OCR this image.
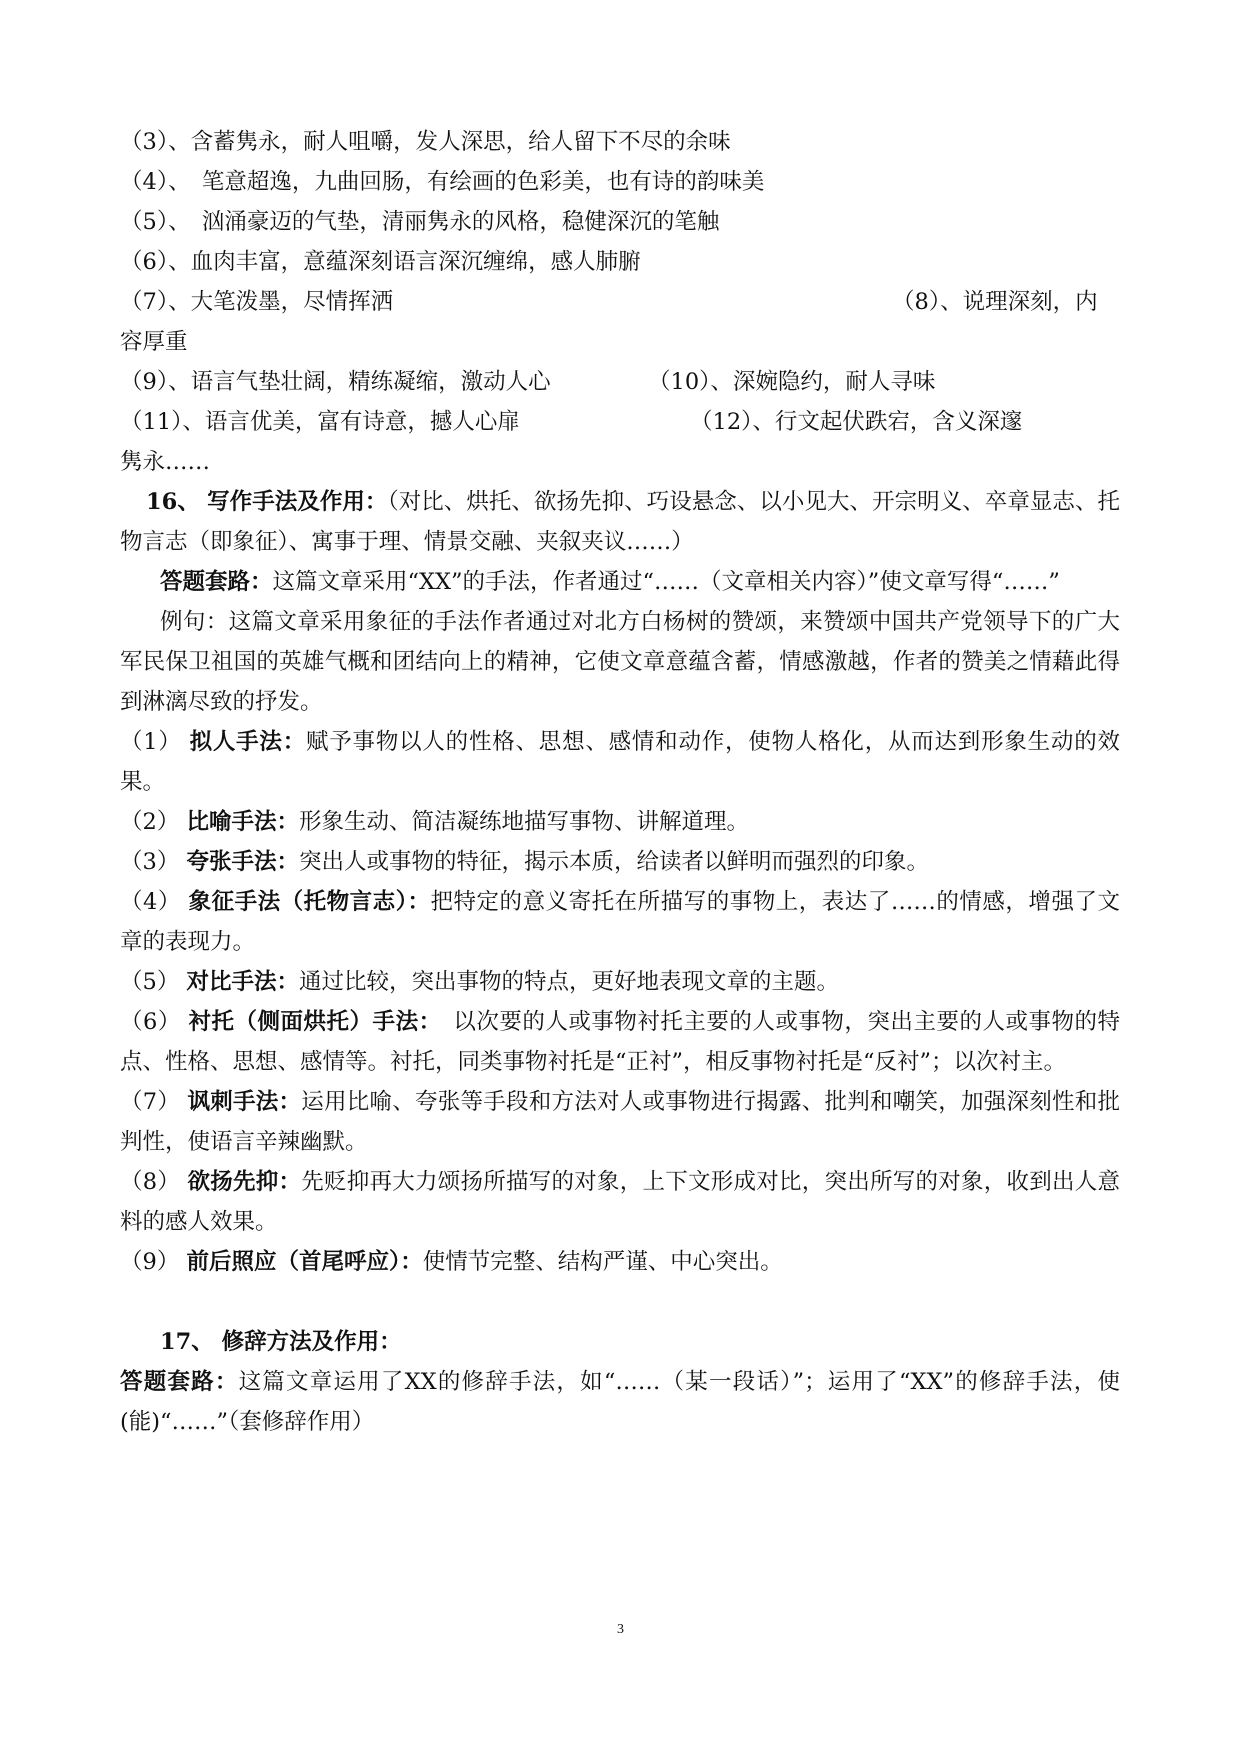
（3）、含蓄隽永，耐人咀嚼，发人深思，给人留下不尽的余味
（4）、　笔意超逸，九曲回肠，有绘画的色彩美，也有诗的韵味美
（5）、　汹涌豪迈的气垫，清丽隽永的风格，稳健深沉的笔触
（6）、血肉丰富，意蕴深刻语言深沉缠绵，感人肺腑
（7）、大笔泼墨，尽情挥洒	（8）、说理深刻，内
容厚重
（9）、语言气垫壮阔，精练凝缩，激动人心	（10）、深婉隐约，耐人寻味
（11）、语言优美，富有诗意，撼人心扉	（12）、行文起伏跌宕，含义深邃
隽永……
16、 写作手法及作用：（对比、烘托、欲扬先抑、巧设悬念、以小见大、开宗明义、卒章显志、托物言志（即象征）、寓事于理、情景交融、夹叙夹议……）
答题套路：这篇文章采用“XX”的手法，作者通过“……（文章相关内容）”使文章写得“……”
例句：这篇文章采用象征的手法作者通过对北方白杨树的赞颂，来赞颂中国共产党领导下的广大军民保卫祖国的英雄气概和团结向上的精神，它使文章意蕴含蓄，情感激越，作者的赞美之情藉此得到淋漓尽致的抒发。
（1） 拟人手法：赋予事物以人的性格、思想、感情和动作，使物人格化，从而达到形象生动的效果。
（2） 比喻手法：形象生动、简洁凝练地描写事物、讲解道理。
（3） 夸张手法：突出人或事物的特征，揭示本质，给读者以鲜明而强烈的印象。
（4） 象征手法（托物言志）：把特定的意义寄托在所描写的事物上，表达了……的情感，增强了文章的表现力。
（5） 对比手法：通过比较，突出事物的特点，更好地表现文章的主题。
（6） 衬托（侧面烘托）手法：　以次要的人或事物衬托主要的人或事物，突出主要的人或事物的特点、性格、思想、感情等。衬托，同类事物衬托是“正衬”，相反事物衬托是“反衬”；以次衬主。
（7） 讽刺手法：运用比喻、夸张等手段和方法对人或事物进行揭露、批判和嘲笑，加强深刻性和批判性，使语言辛辣幽默。
（8） 欲扬先抑：先贬抑再大力颂扬所描写的对象，上下文形成对比，突出所写的对象，收到出人意料的感人效果。
（9） 前后照应（首尾呼应）：使情节完整、结构严谨、中心突出。
17、 修辞方法及作用：
答题套路：这篇文章运用了XX的修辞手法，如“……（某一段话）”；运用了“XX”的修辞手法，使(能)“……”（套修辞作用）
3
